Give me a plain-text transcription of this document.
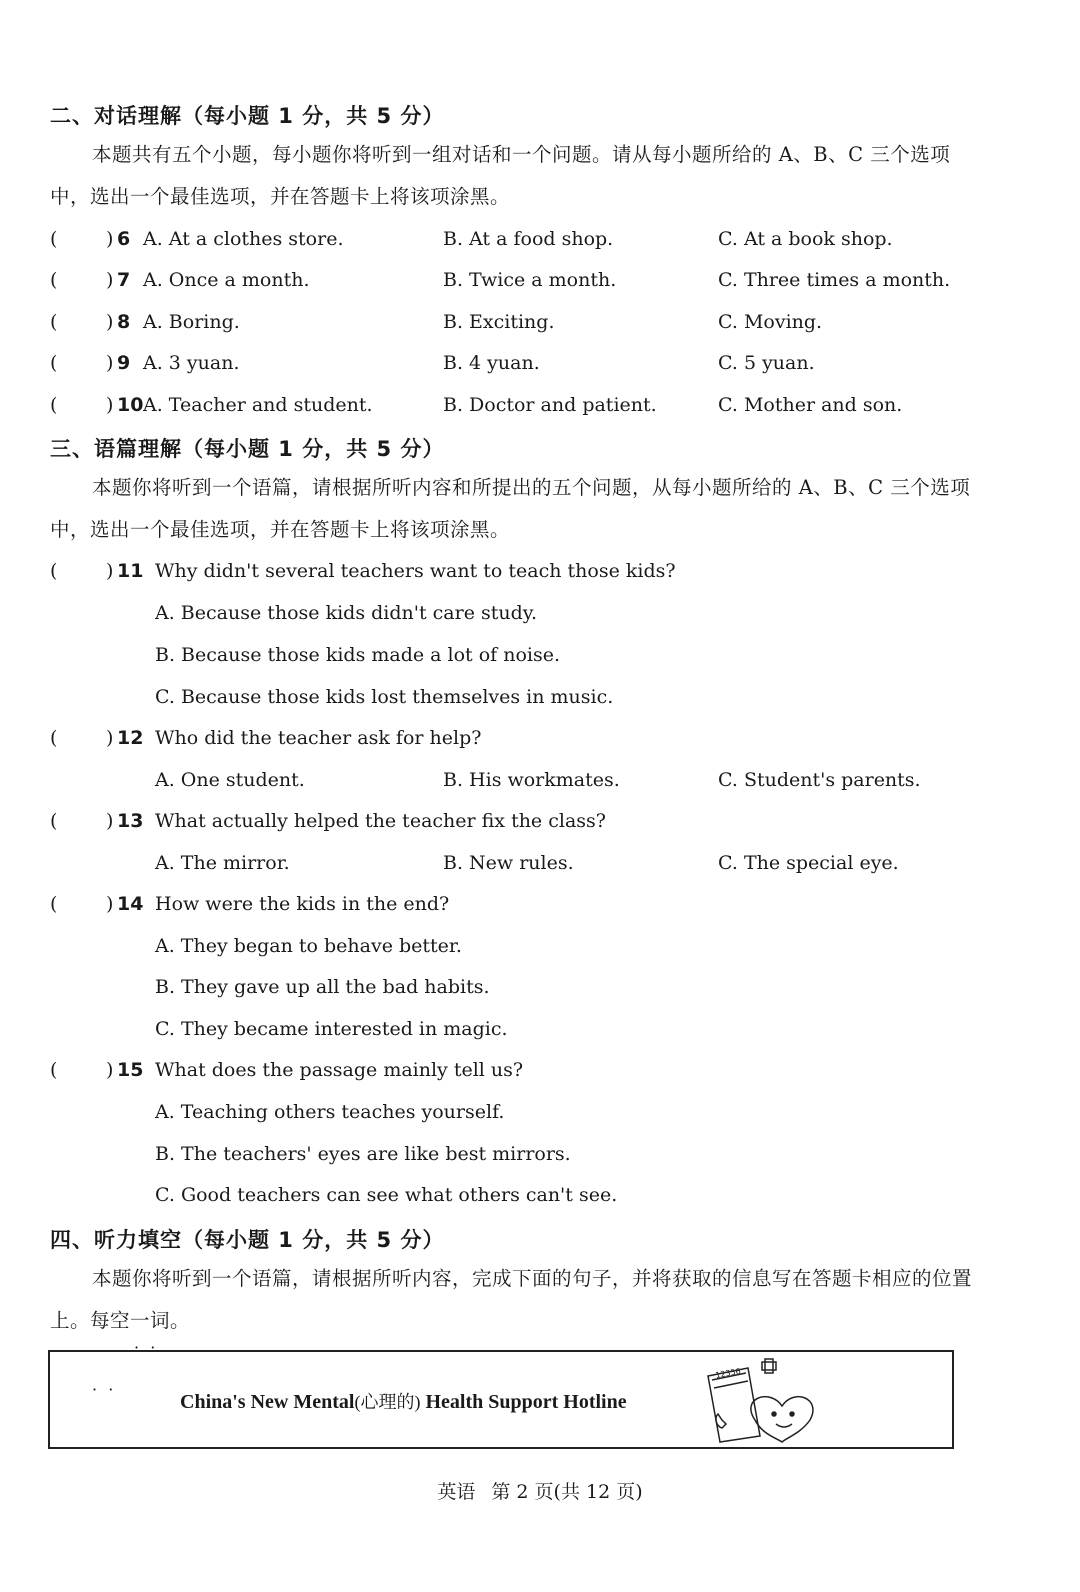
二、对话理解（每小题 1 分，共 5 分）
本题共有五个小题，每小题你将听到一组对话和一个问题。请从每小题所给的 A、B、C 三个选项中，选出一个最佳选项，并在答题卡上将该项涂黑。
(	) 6 A. At a clothes store.	B. At a food shop.	C. At a book shop.
(	) 7 A. Once a month.	B. Twice a month.	C. Three times a month.
(	) 8 A. Boring.	B. Exciting.	C. Moving.
(	) 9 A. 3 yuan.	B. 4 yuan.	C. 5 yuan.
(	) 10 A. Teacher and student.	B. Doctor and patient.	C. Mother and son.
三、语篇理解（每小题 1 分，共 5 分）
本题你将听到一个语篇，请根据所听内容和所提出的五个问题，从每小题所给的 A、B、C 三个选项中，选出一个最佳选项，并在答题卡上将该项涂黑。
(	) 11 Why didn't several teachers want to teach those kids?
A. Because those kids didn't care study.
B. Because those kids made a lot of noise.
C. Because those kids lost themselves in music.
(	) 12 Who did the teacher ask for help?
A. One student.	B. His workmates.	C. Student's parents.
(	) 13 What actually helped the teacher fix the class?
A. The mirror.	B. New rules.	C. The special eye.
(	) 14 How were the kids in the end?
A. They began to behave better.
B. They gave up all the bad habits.
C. They became interested in magic.
(	) 15 What does the passage mainly tell us?
A. Teaching others teaches yourself.
B. The teachers' eyes are like best mirrors.
C. Good teachers can see what others can't see.
四、听力填空（每小题 1 分，共 5 分）
本题你将听到一个语篇，请根据所听内容，完成下面的句子，并将获取的信息写在答题卡相应的位置上。每空一词 · · · ·。
China's New Mental(心理的) Health Support Hotline
12356
英语 第 2 页(共 12 页)
